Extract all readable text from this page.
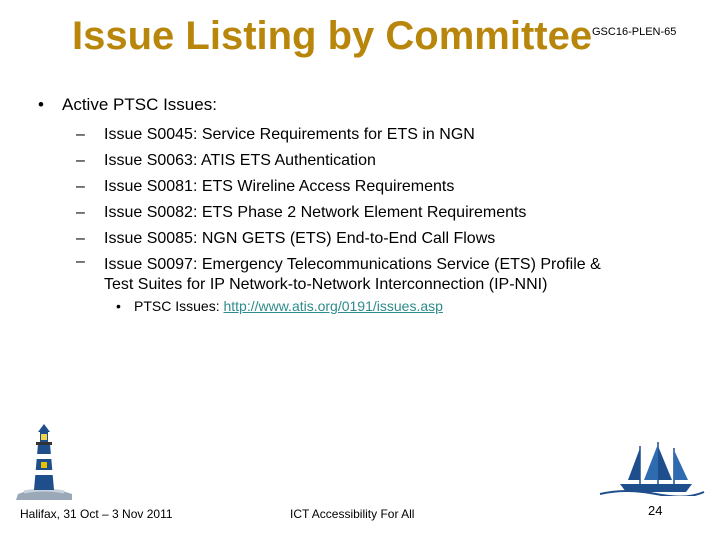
Issue Listing by Committee GSC16-PLEN-65
• Active PTSC Issues:
– Issue S0045: Service Requirements for ETS in NGN
– Issue S0063: ATIS ETS Authentication
– Issue S0081: ETS Wireline Access Requirements
– Issue S0082: ETS Phase 2 Network Element Requirements
– Issue S0085: NGN GETS (ETS) End-to-End Call Flows
– Issue S0097: Emergency Telecommunications Service (ETS) Profile &
Test Suites for IP Network-to-Network Interconnection (IP-NNI)
• PTSC Issues: http://www.atis.org/0191/issues.asp
Halifax, 31 Oct – 3 Nov 2011	ICT Accessibility For All	24
